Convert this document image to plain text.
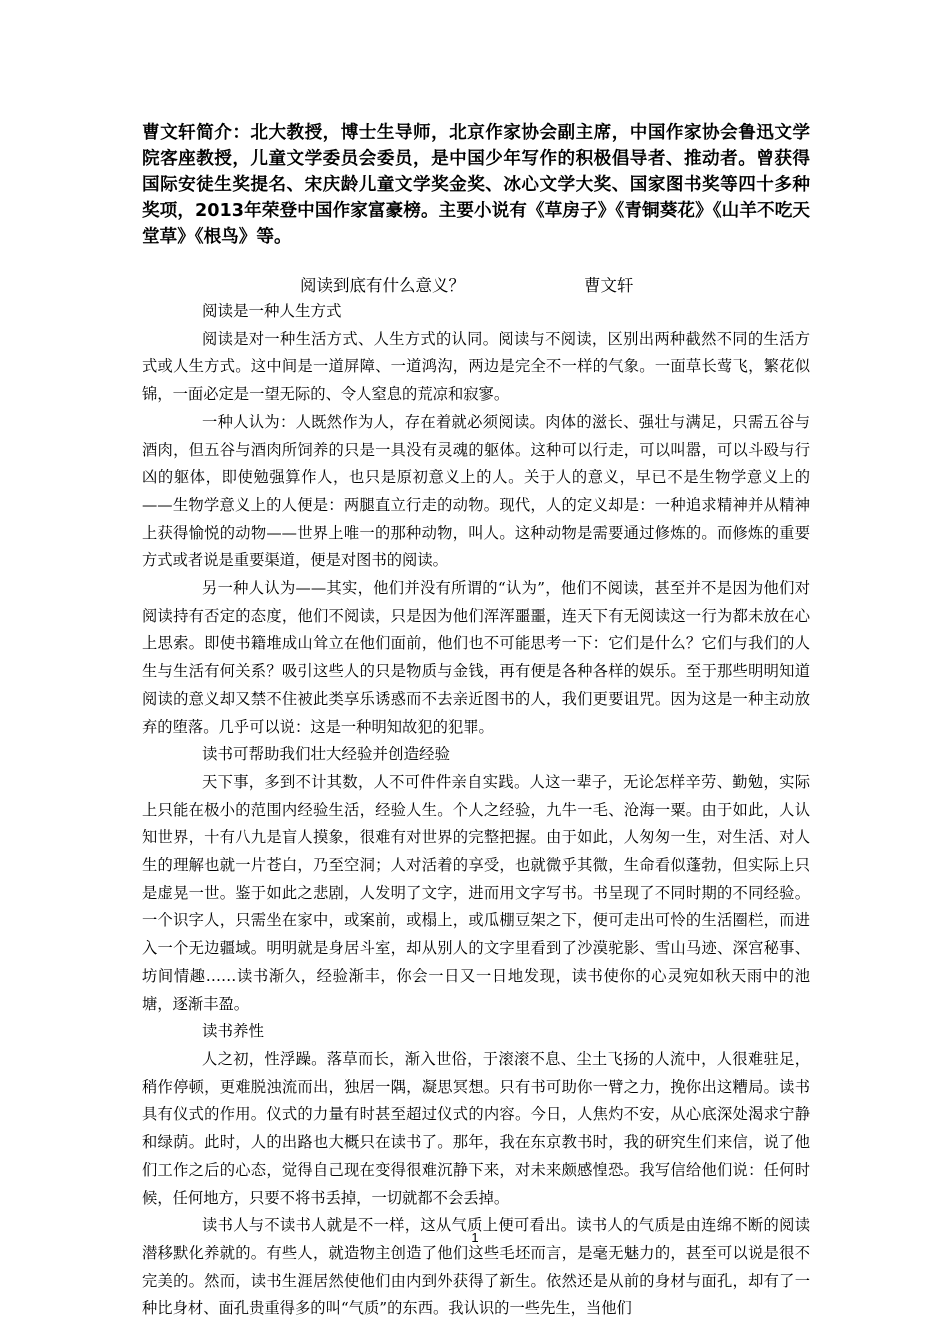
曹文轩简介：北大教授，博士生导师，北京作家协会副主席，中国作家协会鲁迅文学院客座教授，儿童文学委员会委员，是中国少年写作的积极倡导者、推动者。曾获得国际安徒生奖提名、宋庆龄儿童文学奖金奖、冰心文学大奖、国家图书奖等四十多种奖项，2013年荣登中国作家富豪榜。主要小说有《草房子》《青铜葵花》《山羊不吃天堂草》《根鸟》等。
阅读到底有什么意义？	曹文轩
阅读是一种人生方式

阅读是对一种生活方式、人生方式的认同。阅读与不阅读，区别出两种截然不同的生活方式或人生方式。这中间是一道屏障、一道鸿沟，两边是完全不一样的气象。一面草长莺飞，繁花似锦，一面必定是一望无际的、令人窒息的荒凉和寂寥。

一种人认为：人既然作为人，存在着就必须阅读。肉体的滋长、强壮与满足，只需五谷与酒肉，但五谷与酒肉所饲养的只是一具没有灵魂的躯体。这种可以行走，可以叫嚣，可以斗殴与行凶的躯体，即使勉强算作人，也只是原初意义上的人。关于人的意义，早已不是生物学意义上的——生物学意义上的人便是：两腿直立行走的动物。现代，人的定义却是：一种追求精神并从精神上获得愉悦的动物——世界上唯一的那种动物，叫人。这种动物是需要通过修炼的。而修炼的重要方式或者说是重要渠道，便是对图书的阅读。

另一种人认为——其实，他们并没有所谓的“认为”，他们不阅读，甚至并不是因为他们对阅读持有否定的态度，他们不阅读，只是因为他们浑浑噩噩，连天下有无阅读这一行为都未放在心上思索。即使书籍堆成山耸立在他们面前，他们也不可能思考一下：它们是什么？它们与我们的人生与生活有何关系？吸引这些人的只是物质与金钱，再有便是各种各样的娱乐。至于那些明明知道阅读的意义却又禁不住被此类享乐诱惑而不去亲近图书的人，我们更要诅咒。因为这是一种主动放弃的堕落。几乎可以说：这是一种明知故犯的犯罪。

读书可帮助我们壮大经验并创造经验

天下事，多到不计其数，人不可件件亲自实践。人这一辈子，无论怎样辛劳、勤勉，实际上只能在极小的范围内经验生活，经验人生。个人之经验，九牛一毛、沧海一粟。由于如此，人认知世界，十有八九是盲人摸象，很难有对世界的完整把握。由于如此，人匆匆一生，对生活、对人生的理解也就一片苍白，乃至空洞；人对活着的享受，也就微乎其微，生命看似蓬勃，但实际上只是虚晃一世。鉴于如此之悲剧，人发明了文字，进而用文字写书。书呈现了不同时期的不同经验。一个识字人，只需坐在家中，或案前，或榻上，或瓜棚豆架之下，便可走出可怜的生活圈栏，而进入一个无边疆域。明明就是身居斗室，却从别人的文字里看到了沙漠驼影、雪山马迹、深宫秘事、坊间情趣……读书渐久，经验渐丰，你会一日又一日地发现，读书使你的心灵宛如秋天雨中的池塘，逐渐丰盈。

读书养性

人之初，性浮躁。落草而长，渐入世俗，于滚滚不息、尘土飞扬的人流中，人很难驻足，稍作停顿，更难脱浊流而出，独居一隅，凝思冥想。只有书可助你一臂之力，挽你出这糟局。读书具有仪式的作用。仪式的力量有时甚至超过仪式的内容。今日，人焦灼不安，从心底深处渴求宁静和绿荫。此时，人的出路也大概只在读书了。那年，我在东京教书时，我的研究生们来信，说了他们工作之后的心态，觉得自己现在变得很难沉静下来，对未来颇感惶恐。我写信给他们说：任何时候，任何地方，只要不将书丢掉，一切就都不会丢掉。

读书人与不读书人就是不一样，这从气质上便可看出。读书人的气质是由连绵不断的阅读潜移默化养就的。有些人，就造物主创造了他们这些毛坯而言，是毫无魅力的，甚至可以说是很不完美的。然而，读书生涯居然使他们由内到外获得了新生。依然还是从前的身材与面孔，却有了一种比身材、面孔贵重得多的叫“气质”的东西。我认识的一些先生，当他们

1
